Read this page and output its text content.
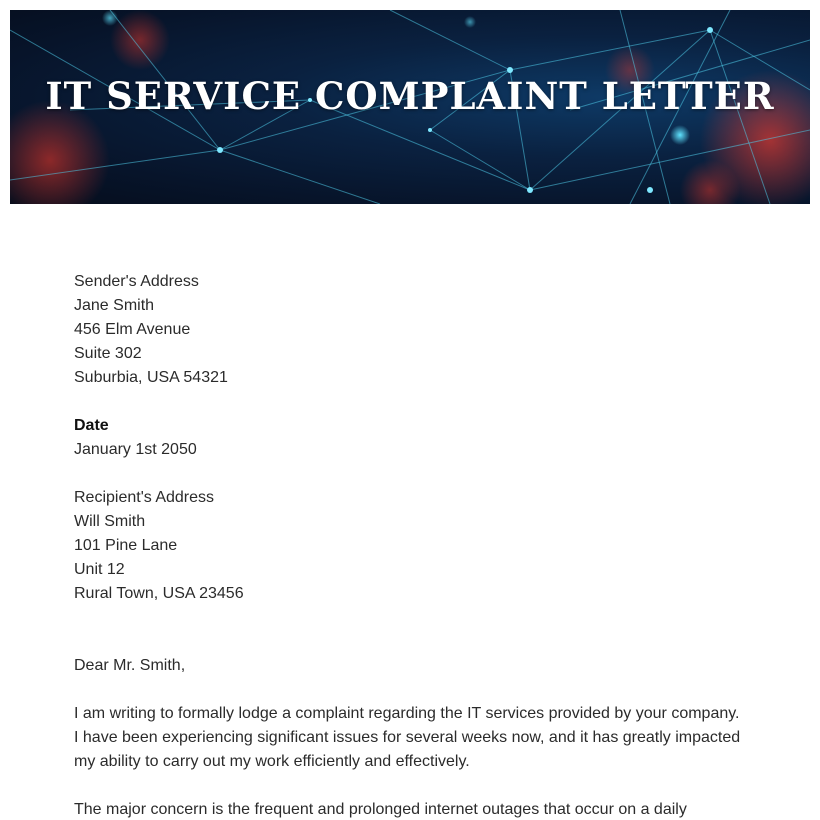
IT SERVICE COMPLAINT LETTER
Sender's Address
Jane Smith
456 Elm Avenue
Suite 302
Suburbia, USA 54321
Date
January 1st 2050
Recipient's Address
Will Smith
101 Pine Lane
Unit 12
Rural Town, USA 23456
Dear Mr. Smith,

I am writing to formally lodge a complaint regarding the IT services provided by your company. I have been experiencing significant issues for several weeks now, and it has greatly impacted my ability to carry out my work efficiently and effectively.

The major concern is the frequent and prolonged internet outages that occur on a daily
